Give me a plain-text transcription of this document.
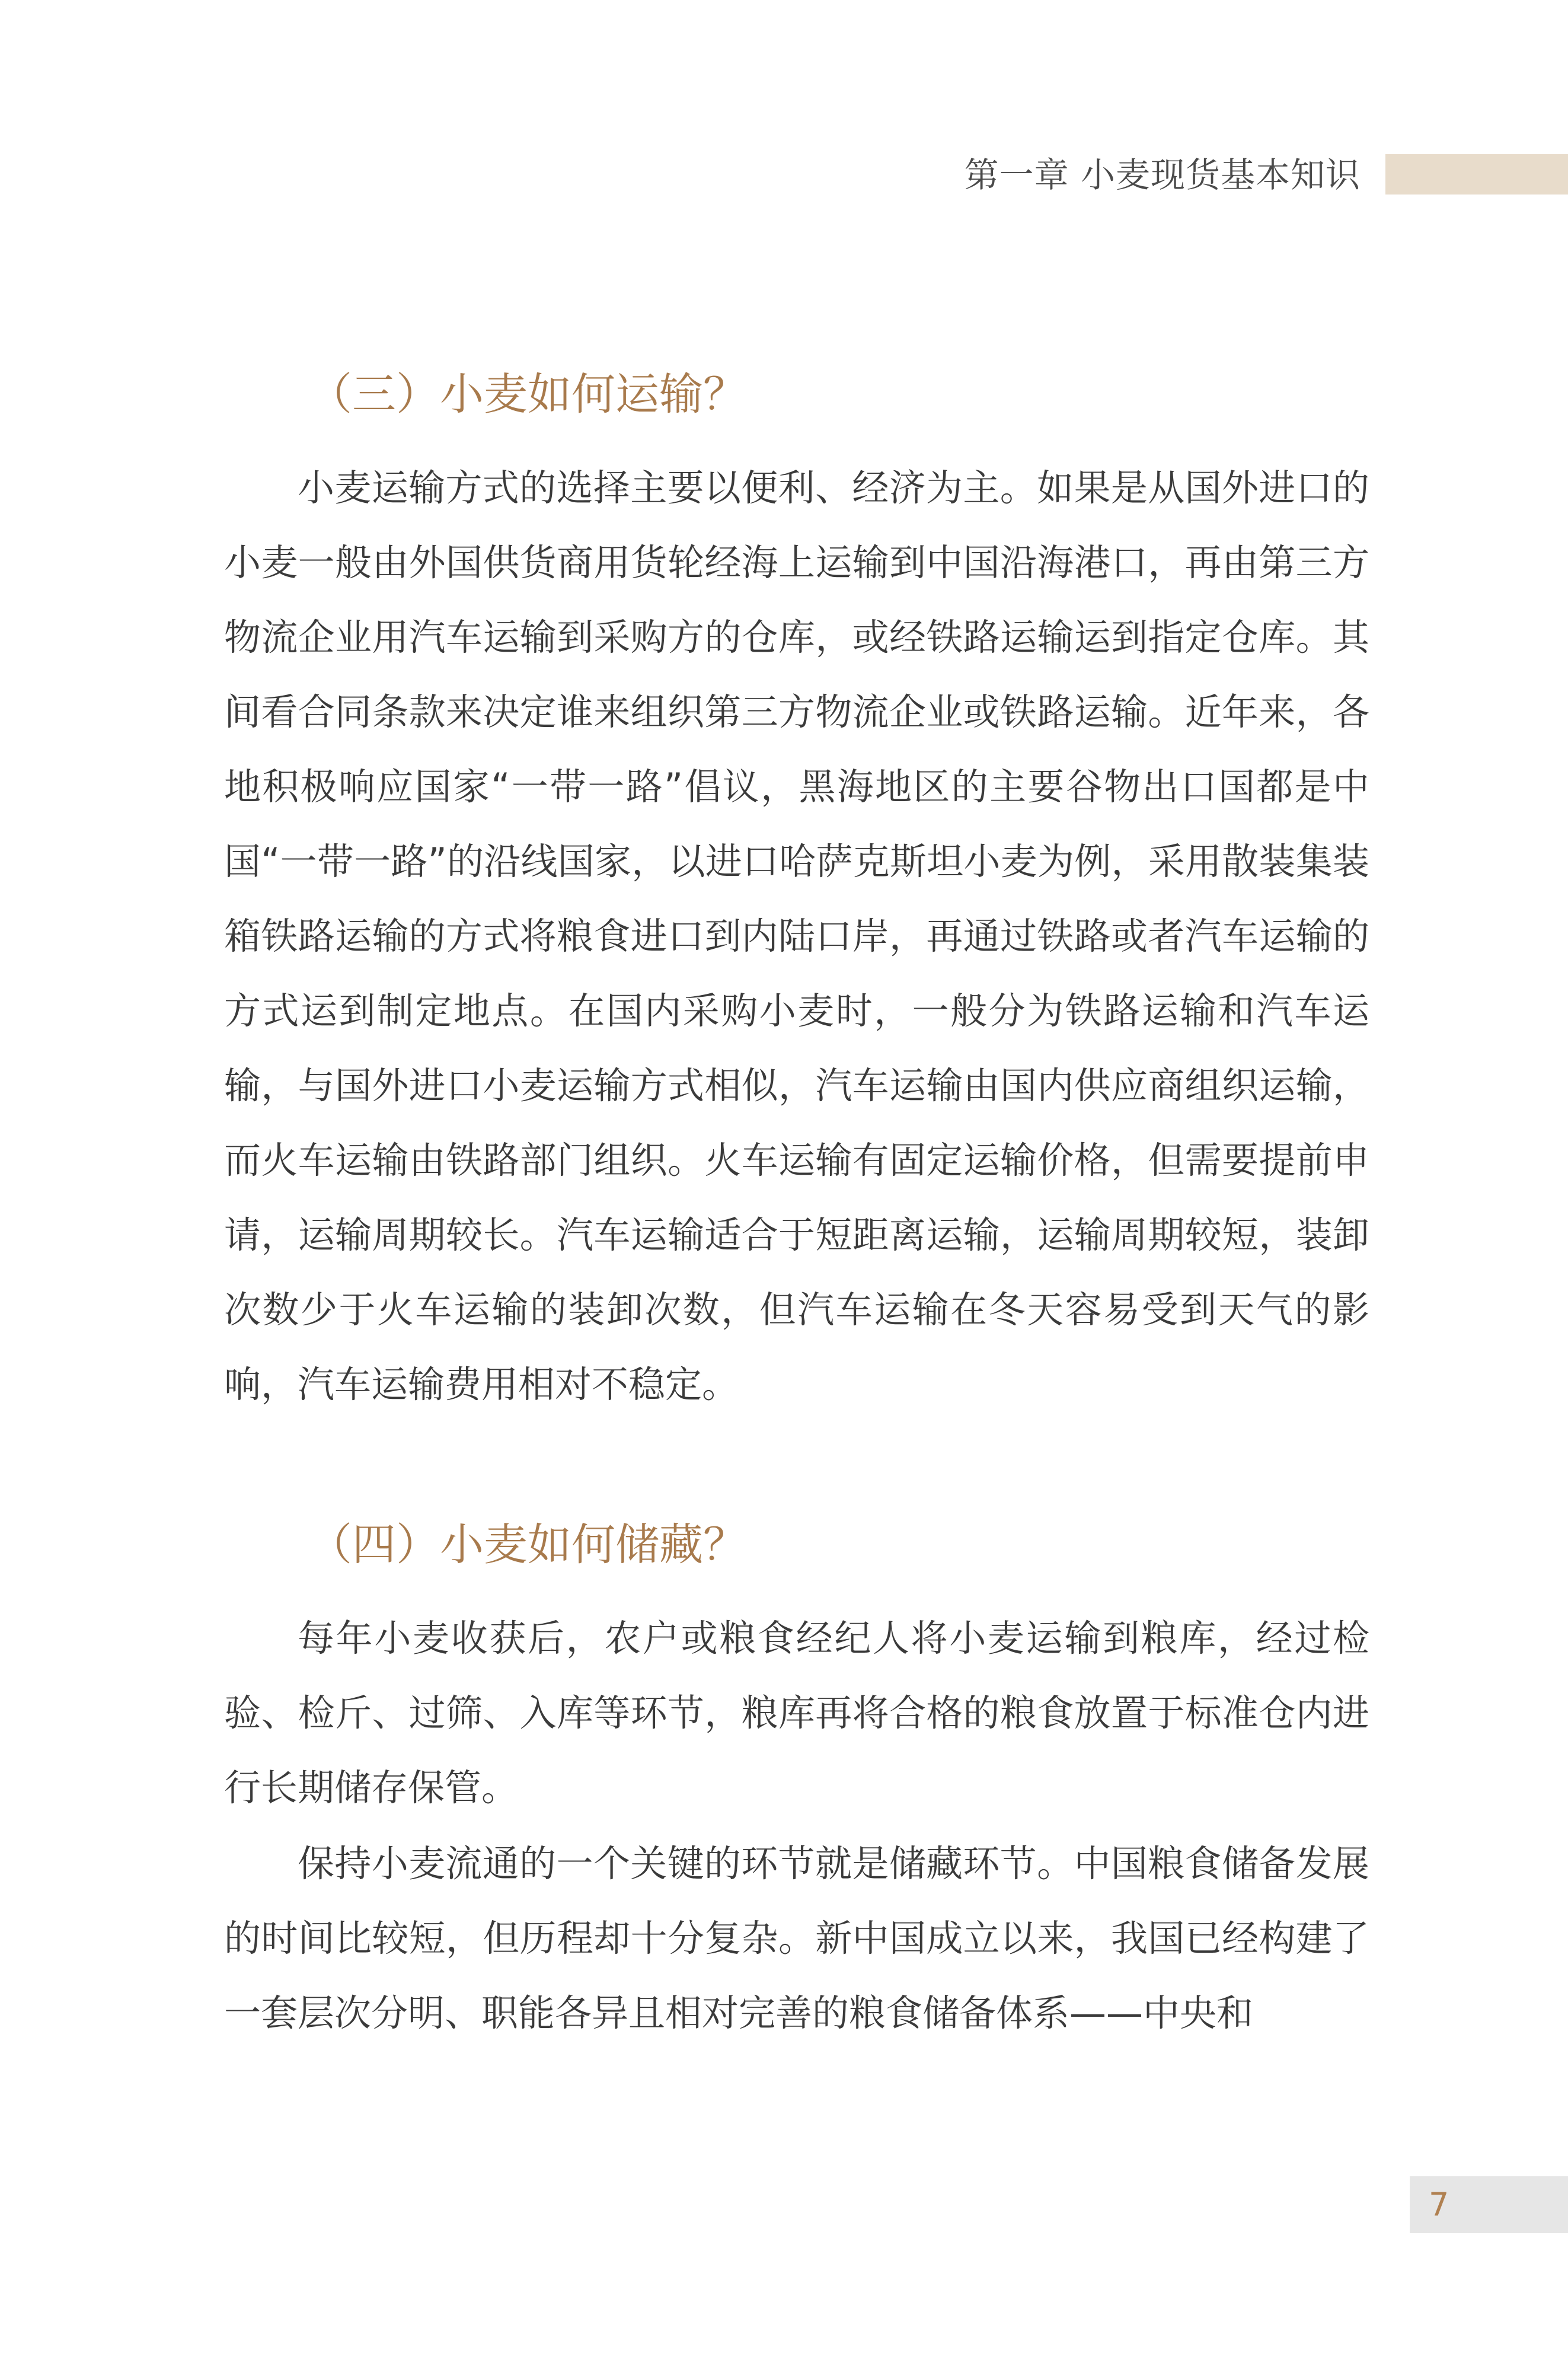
第一章 小麦现货基本知识
（三）小麦如何运输？

小麦运输方式的选择主要以便利、经济为主。如果是从国外进口的小麦一般由外国供货商用货轮经海上运输到中国沿海港口，再由第三方物流企业用汽车运输到采购方的仓库，或经铁路运输运到指定仓库。其间看合同条款来决定谁来组织第三方物流企业或铁路运输。近年来，各地积极响应国家“一带一路”倡议，黑海地区的主要谷物出口国都是中国“一带一路”的沿线国家，以进口哈萨克斯坦小麦为例，采用散装集装箱铁路运输的方式将粮食进口到内陆口岸，再通过铁路或者汽车运输的方式运到制定地点。在国内采购小麦时，一般分为铁路运输和汽车运输，与国外进口小麦运输方式相似，汽车运输由国内供应商组织运输，而火车运输由铁路部门组织。火车运输有固定运输价格，但需要提前申请，运输周期较长。汽车运输适合于短距离运输，运输周期较短，装卸次数少于火车运输的装卸次数，但汽车运输在冬天容易受到天气的影响，汽车运输费用相对不稳定。

（四）小麦如何储藏？

每年小麦收获后，农户或粮食经纪人将小麦运输到粮库，经过检验、检斤、过筛、入库等环节，粮库再将合格的粮食放置于标准仓内进行长期储存保管。

保持小麦流通的一个关键的环节就是储藏环节。中国粮食储备发展的时间比较短，但历程却十分复杂。新中国成立以来，我国已经构建了一套层次分明、职能各异且相对完善的粮食储备体系——中央和

7
